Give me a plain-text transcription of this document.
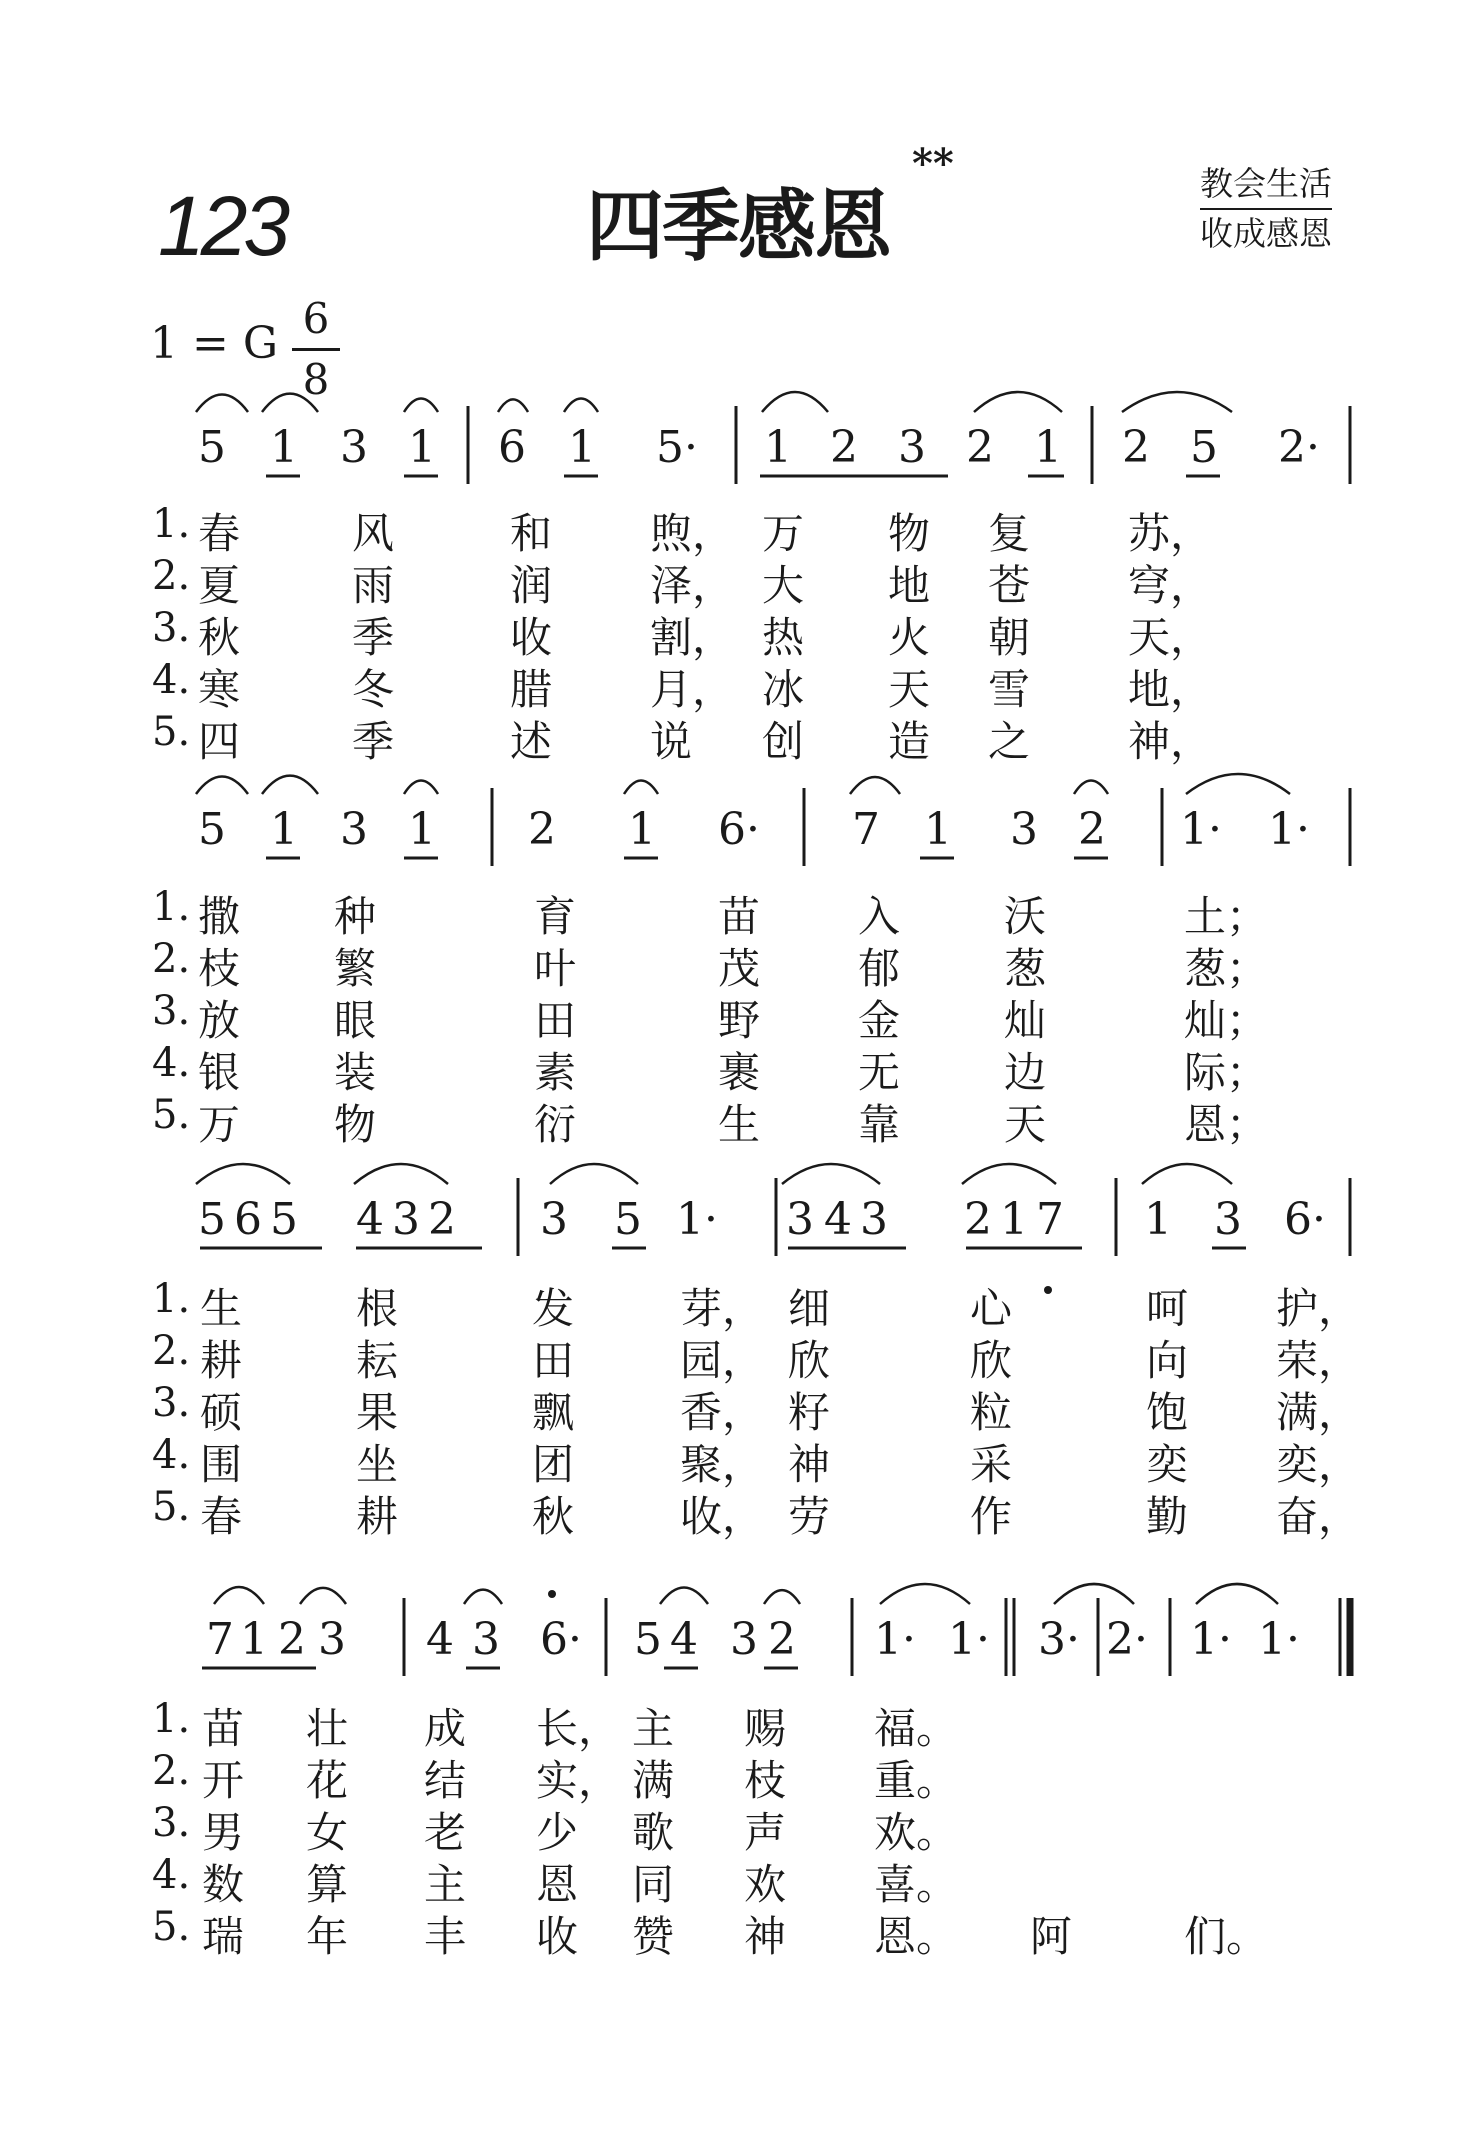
123	四季感恩
**	教会生活
收成感恩
1 = G $\frac{6}{8}$
5 1 3 1 6 1 5· 1 2 3 2 1 2 5 2·
1. 春	风	和 煦， 万 物 复 苏，
2. 夏	雨	润 泽， 大 地 苍 穹，
3. 秋	季	收 割， 热 火 朝 天，
4. 寒	冬	腊 月， 冰 天 雪 地，
5. 四	季	述 说 创 造 之 神，
5 1 3 1 2 1 6· 7 1 3 2 1· 1·
1. 撒 种	育	苗 入 沃	土；
2. 枝 繁	叶	茂 郁 葱	葱；
3. 放 眼	田	野 金 灿	灿；
4. 银 装	素	裹 无 边	际；
5. 万 物	衍	生 靠 天	恩；
5 6 5 4 3 2 3 5 1· 3 4 3 2 1 7 1 3 6·
1. 生	根	发	芽， 细	心	呵 护，
2. 耕	耘	田	园， 欣	欣	向 荣，
3. 硕	果	飘	香， 籽	粒	饱 满，
4. 围	坐	团	聚， 神	采	奕 奕，
5. 春	耕	秋	收， 劳	作	勤 奋，
7 1 2 3 4 3 6· 5 4 3 2 1· 1· 3· 2· 1· 1·
1. 苗 壮 成 长， 主 赐 福。
2. 开 花 结 实， 满 枝 重。
3. 男 女 老 少 歌 声 欢。
4. 数 算 主 恩 同 欢 喜。
5. 瑞 年 丰 收 赞 神 恩。 阿	们。
